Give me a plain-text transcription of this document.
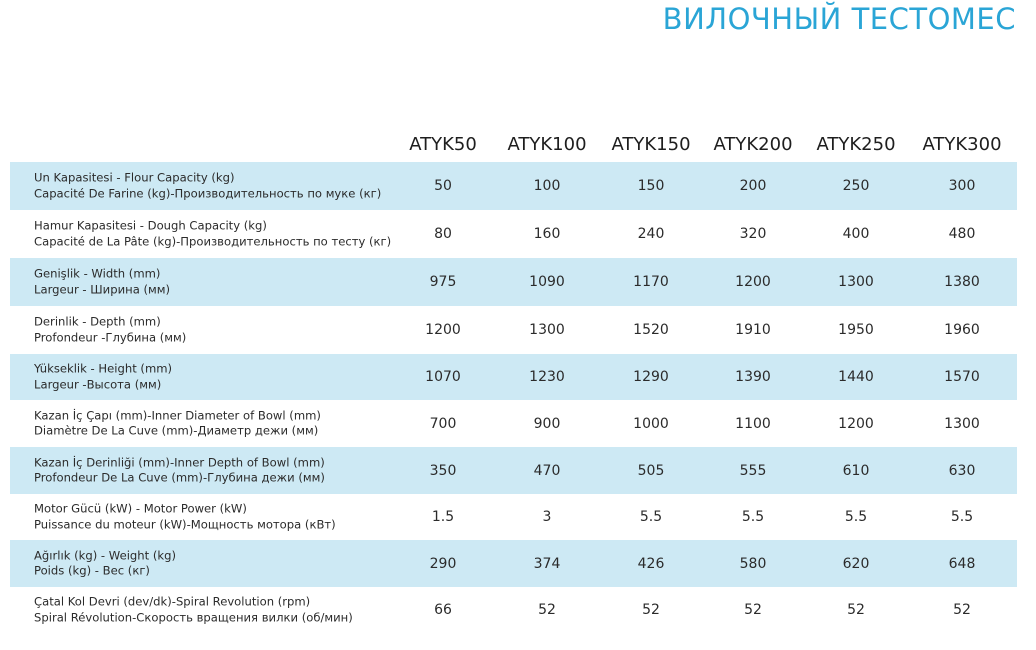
ВИЛОЧНЫЙ ТЕСТОМЕС
ATYK50	ATYK100	ATYK150	ATYK200	ATYK250	ATYK300
Un Kapasitesi - Flour Capacity (kg)
Capacité De Farine (kg)-Производительность по муке (кг)	50	100	150	200	250	300
Hamur Kapasitesi - Dough Capacity (kg)
Capacité de La Pâte (kg)-Производительность по тесту (кг)	80	160	240	320	400	480
Genişlik - Width (mm)
Largeur - Ширина (мм)	975	1090	1170	1200	1300	1380
Derinlik - Depth (mm)
Profondeur -Глубина (мм)	1200	1300	1520	1910	1950	1960
Yükseklik - Height (mm)
Largeur -Высота (мм)	1070	1230	1290	1390	1440	1570
Kazan İç Çapı (mm)-Inner Diameter of Bowl (mm)
Diamètre De La Cuve (mm)-Диаметр дежи (мм)	700	900	1000	1100	1200	1300
Kazan İç Derinliği (mm)-Inner Depth of Bowl (mm)
Profondeur De La Cuve (mm)-Глубина дежи (мм)	350	470	505	555	610	630
Motor Gücü (kW) - Motor Power (kW)
Puissance du moteur (kW)-Мощность мотора (кВт)	1.5	3	5.5	5.5	5.5	5.5
Ağırlık (kg) - Weight (kg)
Poids (kg) - Вес (кг)	290	374	426	580	620	648
Çatal Kol Devri (dev/dk)-Spiral Revolution (rpm)
Spiral Révolution-Скорость вращения вилки (об/мин)	66	52	52	52	52	52
